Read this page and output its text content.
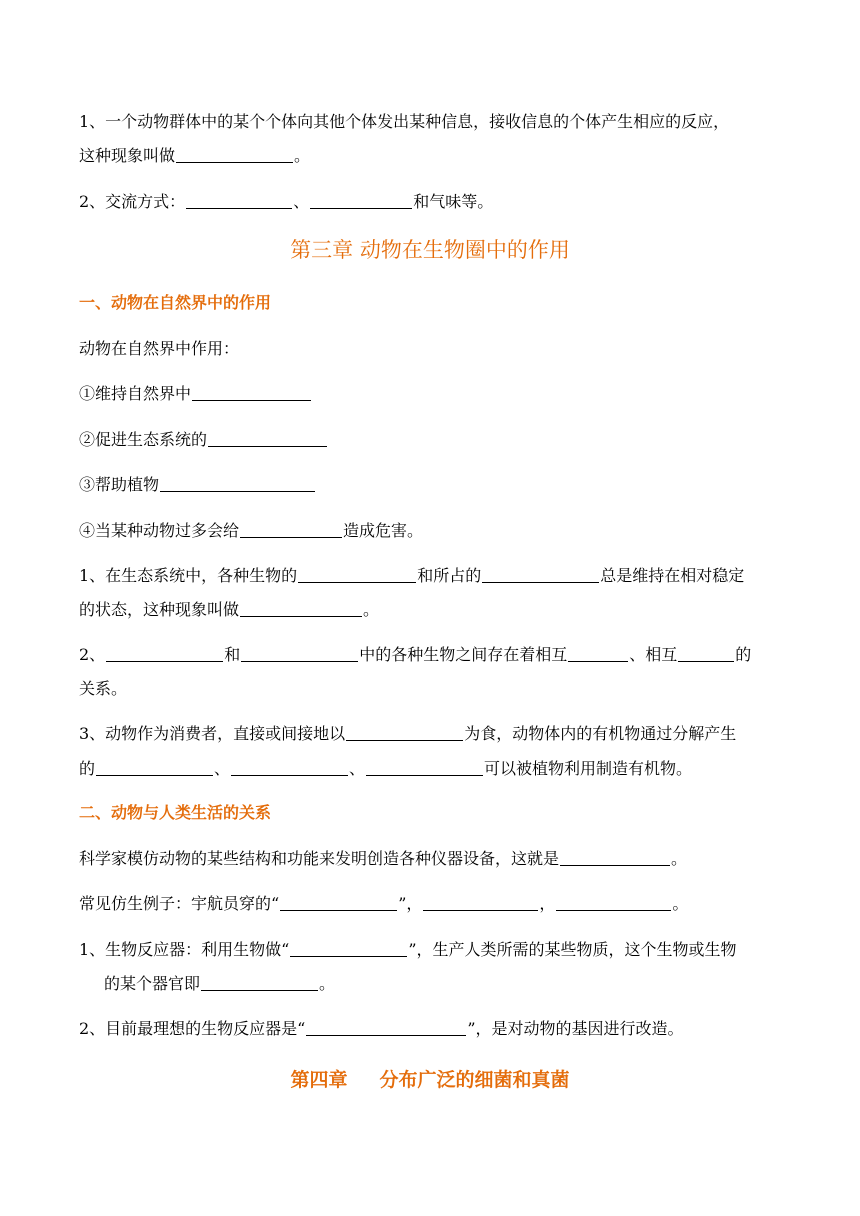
1、一个动物群体中的某个个体向其他个体发出某种信息，接收信息的个体产生相应的反应，
这种现象叫做	。
2、交流方式：	、	和气味等。
第三章 动物在生物圈中的作用
一、动物在自然界中的作用
动物在自然界中作用：
①维持自然界中
②促进生态系统的
③帮助植物
④当某种动物过多会给	造成危害。
1、在生态系统中，各种生物的	和所占的	总是维持在相对稳定
的状态，这种现象叫做	。
2、	和	中的各种生物之间存在着相互	、相互	的
关系。
3、动物作为消费者，直接或间接地以	为食，动物体内的有机物通过分解产生
的	、	、	可以被植物利用制造有机物。
二、动物与人类生活的关系
科学家模仿动物的某些结构和功能来发明创造各种仪器设备，这就是	。
常见仿生例子：宇航员穿的“	”，	，	。
1、生物反应器：利用生物做“	”，生产人类所需的某些物质，这个生物或生物
的某个器官即	。
2、目前最理想的生物反应器是“	”，是对动物的基因进行改造。
第四章 分布广泛的细菌和真菌
